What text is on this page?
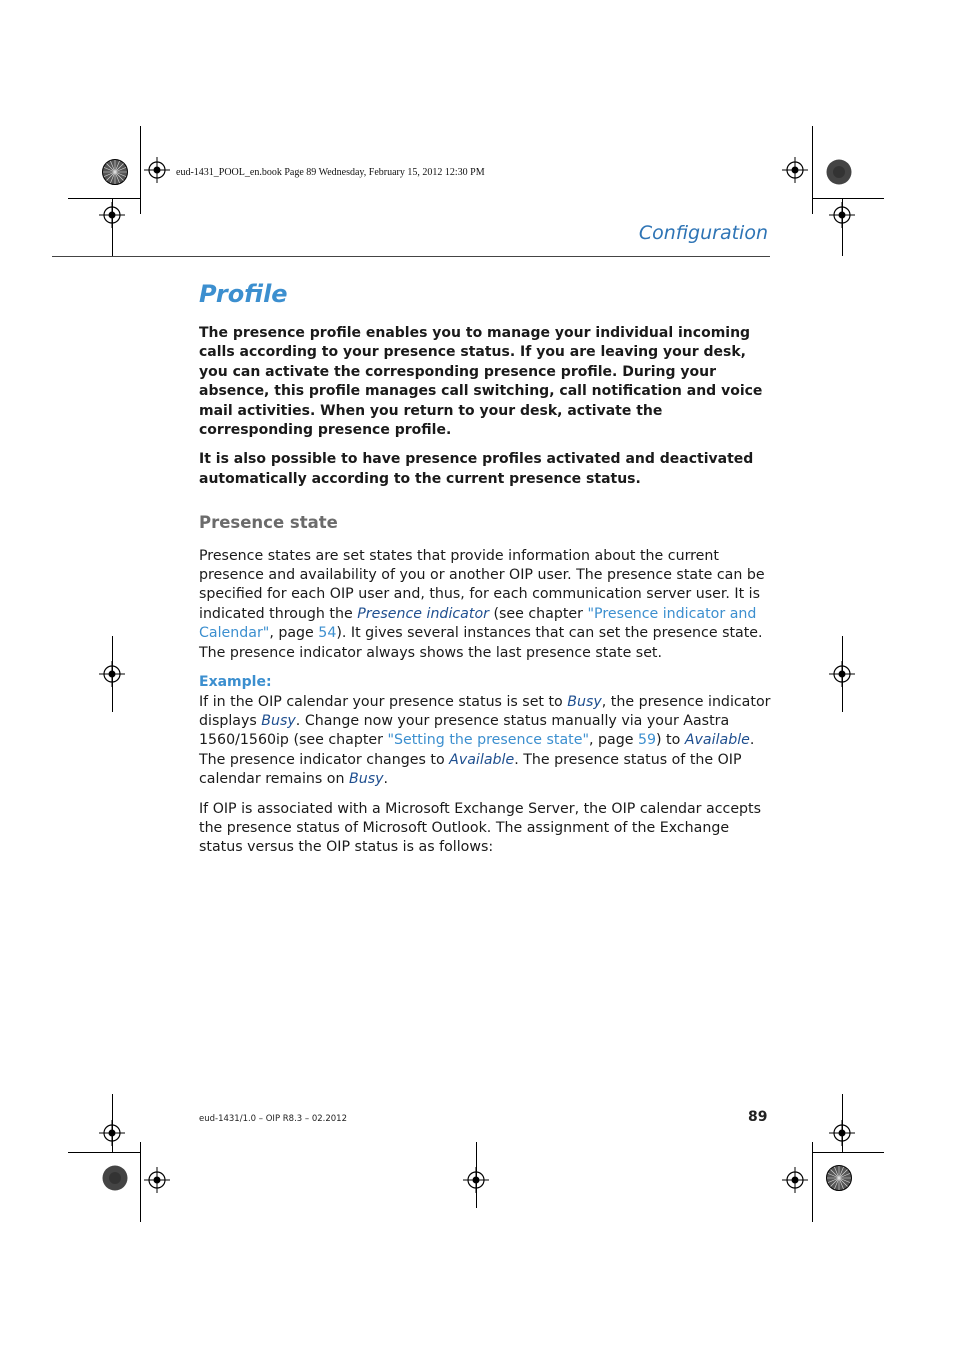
eud-1431_POOL_en.book Page 89 Wednesday, February 15, 2012 12:30 PM
Configuration
Profile

The presence profile enables you to manage your individual incoming calls according to your presence status. If you are leaving your desk, you can activate the corresponding presence profile. During your absence, this profile manages call switching, call notification and voice mail activities. When you return to your desk, activate the corresponding presence profile.

It is also possible to have presence profiles activated and deactivated automatically according to the current presence status.

Presence state

Presence states are set states that provide information about the current presence and availability of you or another OIP user. The presence state can be specified for each OIP user and, thus, for each communication server user. It is indicated through the Presence indicator (see chapter "Presence indicator and Calendar", page 54). It gives several instances that can set the presence state. The presence indicator always shows the last presence state set.

Example:

If in the OIP calendar your presence status is set to Busy, the presence indicator displays Busy. Change now your presence status manually via your Aastra 1560/1560ip (see chapter "Setting the presence state", page 59) to Available. The presence indicator changes to Available. The presence status of the OIP calendar remains on Busy.

If OIP is associated with a Microsoft Exchange Server, the OIP calendar accepts the presence status of Microsoft Outlook. The assignment of the Exchange status versus the OIP status is as follows:

eud-1431/1.0 – OIP R8.3 – 02.2012	89
